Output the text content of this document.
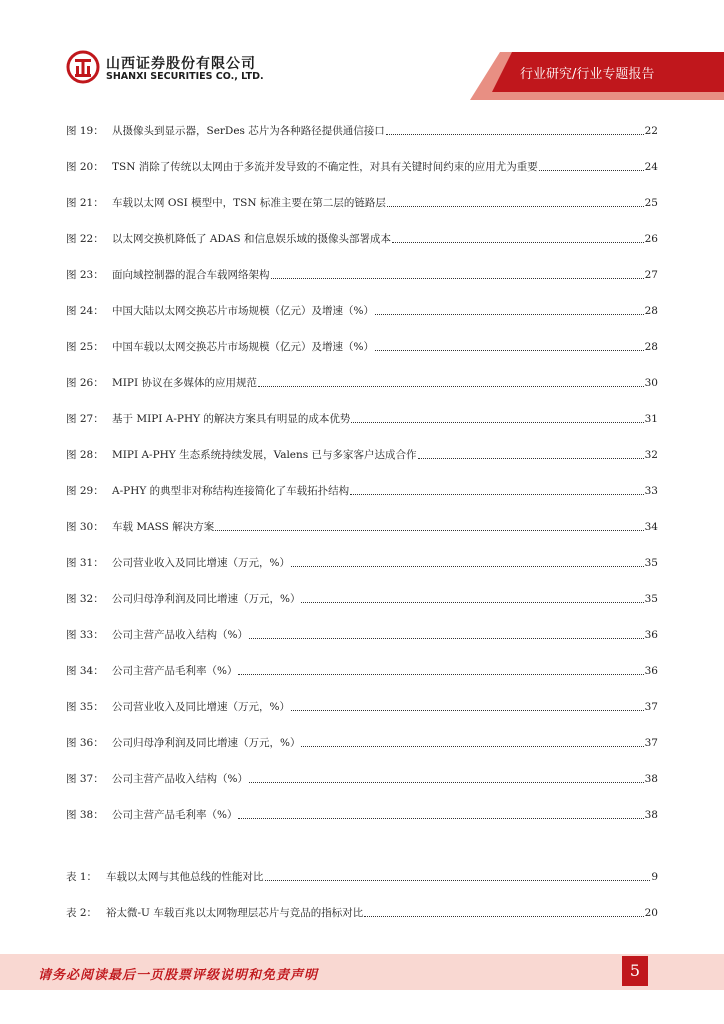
山西证券股份有限公司
SHANXI SECURITIES CO., LTD.	行业研究/行业专题报告
图 19： 从摄像头到显示器，SerDes 芯片为各种路径提供通信接口	22
图 20： TSN 消除了传统以太网由于多流并发导致的不确定性，对具有关键时间约束的应用尤为重要	24
图 21： 车载以太网 OSI 模型中，TSN 标准主要在第二层的链路层	25
图 22： 以太网交换机降低了 ADAS 和信息娱乐域的摄像头部署成本	26
图 23： 面向域控制器的混合车载网络架构	27
图 24： 中国大陆以太网交换芯片市场规模（亿元）及增速（%）	28
图 25： 中国车载以太网交换芯片市场规模（亿元）及增速（%）	28
图 26： MIPI 协议在多媒体的应用规范	30
图 27： 基于 MIPI A-PHY 的解决方案具有明显的成本优势	31
图 28： MIPI A-PHY 生态系统持续发展，Valens 已与多家客户达成合作	32
图 29： A-PHY 的典型非对称结构连接简化了车载拓扑结构	33
图 30： 车载 MASS 解决方案	34
图 31： 公司营业收入及同比增速（万元，%）	35
图 32： 公司归母净利润及同比增速（万元，%）	35
图 33： 公司主营产品收入结构（%）	36
图 34： 公司主营产品毛利率（%）	36
图 35： 公司营业收入及同比增速（万元，%）	37
图 36： 公司归母净利润及同比增速（万元，%）	37
图 37： 公司主营产品收入结构（%）	38
图 38： 公司主营产品毛利率（%）	38
表 1： 车载以太网与其他总线的性能对比	9
表 2： 裕太微-U 车载百兆以太网物理层芯片与竞品的指标对比	20
请务必阅读最后一页股票评级说明和免责声明	5
